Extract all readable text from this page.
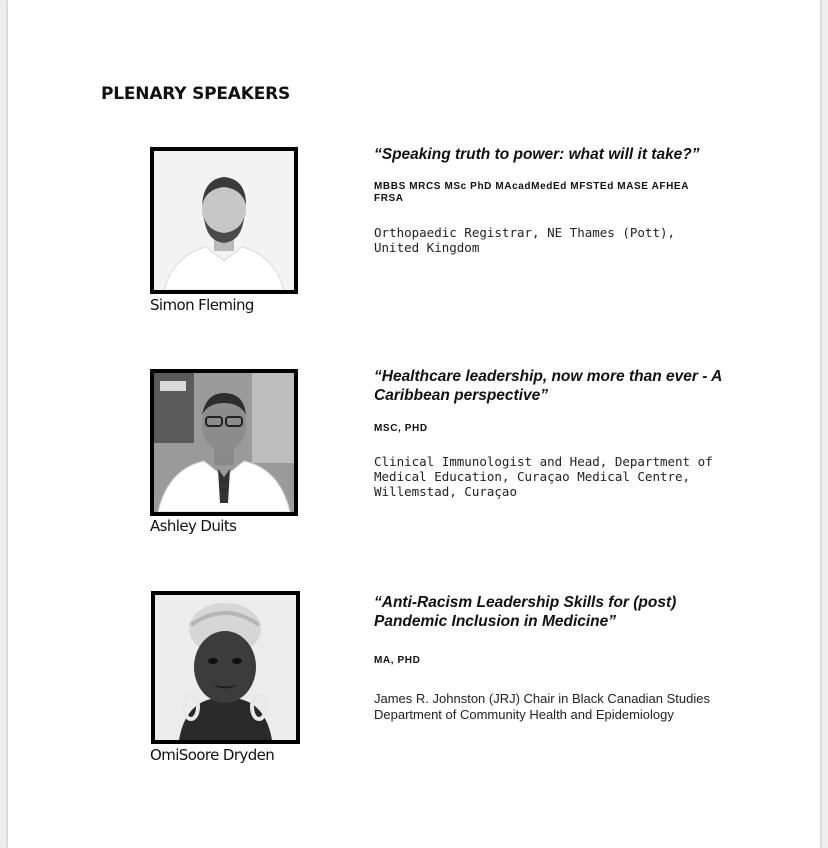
PLENARY SPEAKERS
Simon Fleming
“Speaking truth to power: what will it take?”
MBBS MRCS MSc PhD MAcadMedEd MFSTEd MASE AFHEA FRSA
Orthopaedic Registrar, NE Thames (Pott), United Kingdom
Ashley Duits
“Healthcare leadership, now more than ever - A Caribbean perspective”
MSC, PHD
Clinical Immunologist and Head, Department of Medical Education, Curaçao Medical Centre, Willemstad, Curaçao
OmiSoore Dryden
“Anti-Racism Leadership Skills for (post) Pandemic Inclusion in Medicine”
MA, PHD
James R. Johnston (JRJ) Chair in Black Canadian Studies
Department of Community Health and Epidemiology
